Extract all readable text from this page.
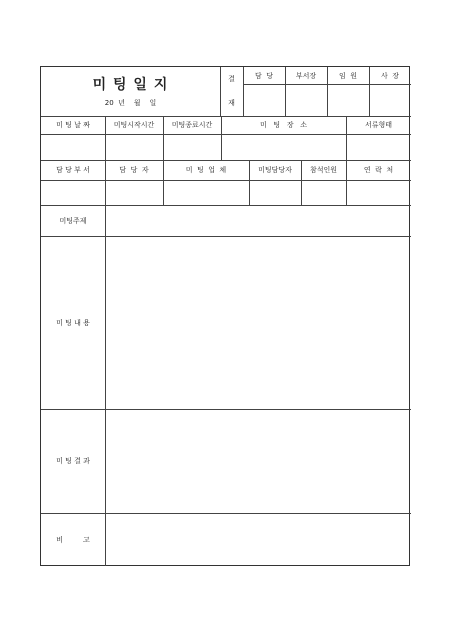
미 팅 일 지
20  년    월    일
결
재
담  당	부서장	임  원	사  장
미 팅 날 짜	미팅시작시간	미팅종료시간	미   팅   장   소	서류형태
담 당 부 서	담  당  자	미  팅  업  체	미팅담당자	참석인원	연  락  처
미팅주제
미 팅 내 용
미 팅 결 과
비         고
